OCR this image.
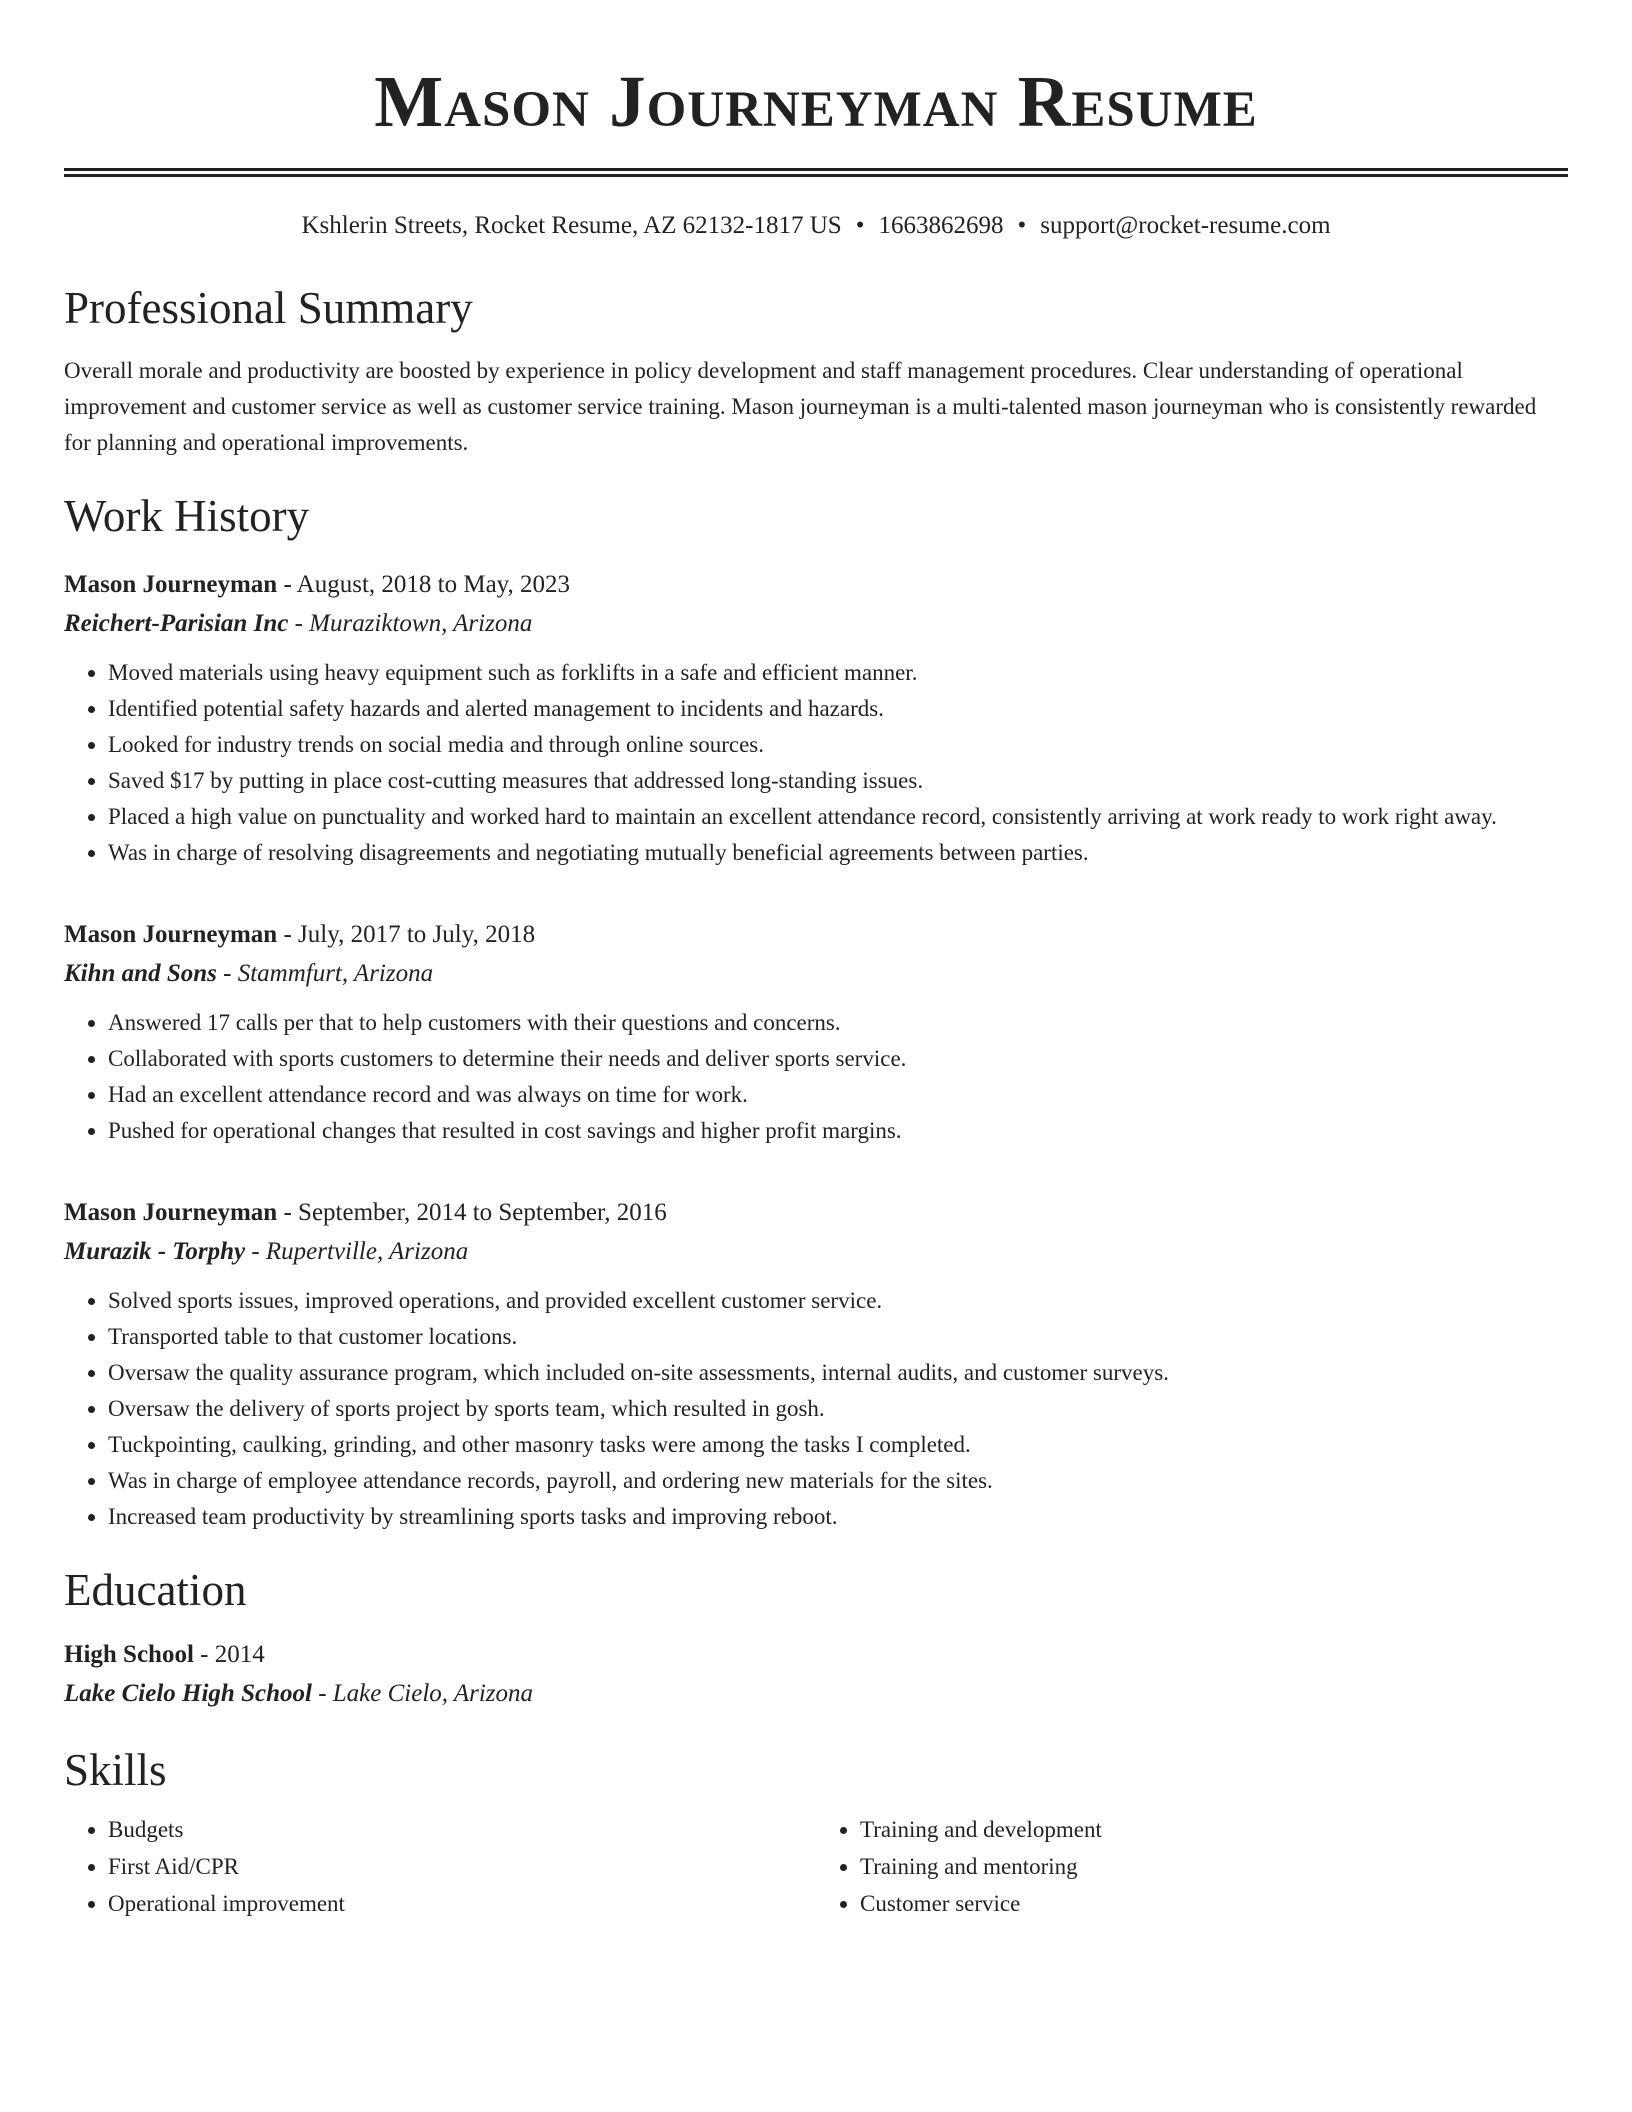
Mason Journeyman Resume
Kshlerin Streets, Rocket Resume, AZ 62132-1817 US • 1663862698 • support@rocket-resume.com
Professional Summary
Overall morale and productivity are boosted by experience in policy development and staff management procedures. Clear understanding of operational improvement and customer service as well as customer service training. Mason journeyman is a multi-talented mason journeyman who is consistently rewarded for planning and operational improvements.
Work History
Mason Journeyman - August, 2018 to May, 2023
Reichert-Parisian Inc - Muraziktown, Arizona
• Moved materials using heavy equipment such as forklifts in a safe and efficient manner.
• Identified potential safety hazards and alerted management to incidents and hazards.
• Looked for industry trends on social media and through online sources.
• Saved $17 by putting in place cost-cutting measures that addressed long-standing issues.
• Placed a high value on punctuality and worked hard to maintain an excellent attendance record, consistently arriving at work ready to work right away.
• Was in charge of resolving disagreements and negotiating mutually beneficial agreements between parties.
Mason Journeyman - July, 2017 to July, 2018
Kihn and Sons - Stammfurt, Arizona
• Answered 17 calls per that to help customers with their questions and concerns.
• Collaborated with sports customers to determine their needs and deliver sports service.
• Had an excellent attendance record and was always on time for work.
• Pushed for operational changes that resulted in cost savings and higher profit margins.
Mason Journeyman - September, 2014 to September, 2016
Murazik - Torphy - Rupertville, Arizona
• Solved sports issues, improved operations, and provided excellent customer service.
• Transported table to that customer locations.
• Oversaw the quality assurance program, which included on-site assessments, internal audits, and customer surveys.
• Oversaw the delivery of sports project by sports team, which resulted in gosh.
• Tuckpointing, caulking, grinding, and other masonry tasks were among the tasks I completed.
• Was in charge of employee attendance records, payroll, and ordering new materials for the sites.
• Increased team productivity by streamlining sports tasks and improving reboot.
Education
High School - 2014
Lake Cielo High School - Lake Cielo, Arizona
Skills
• Budgets
• First Aid/CPR
• Operational improvement
• Training and development
• Training and mentoring
• Customer service
